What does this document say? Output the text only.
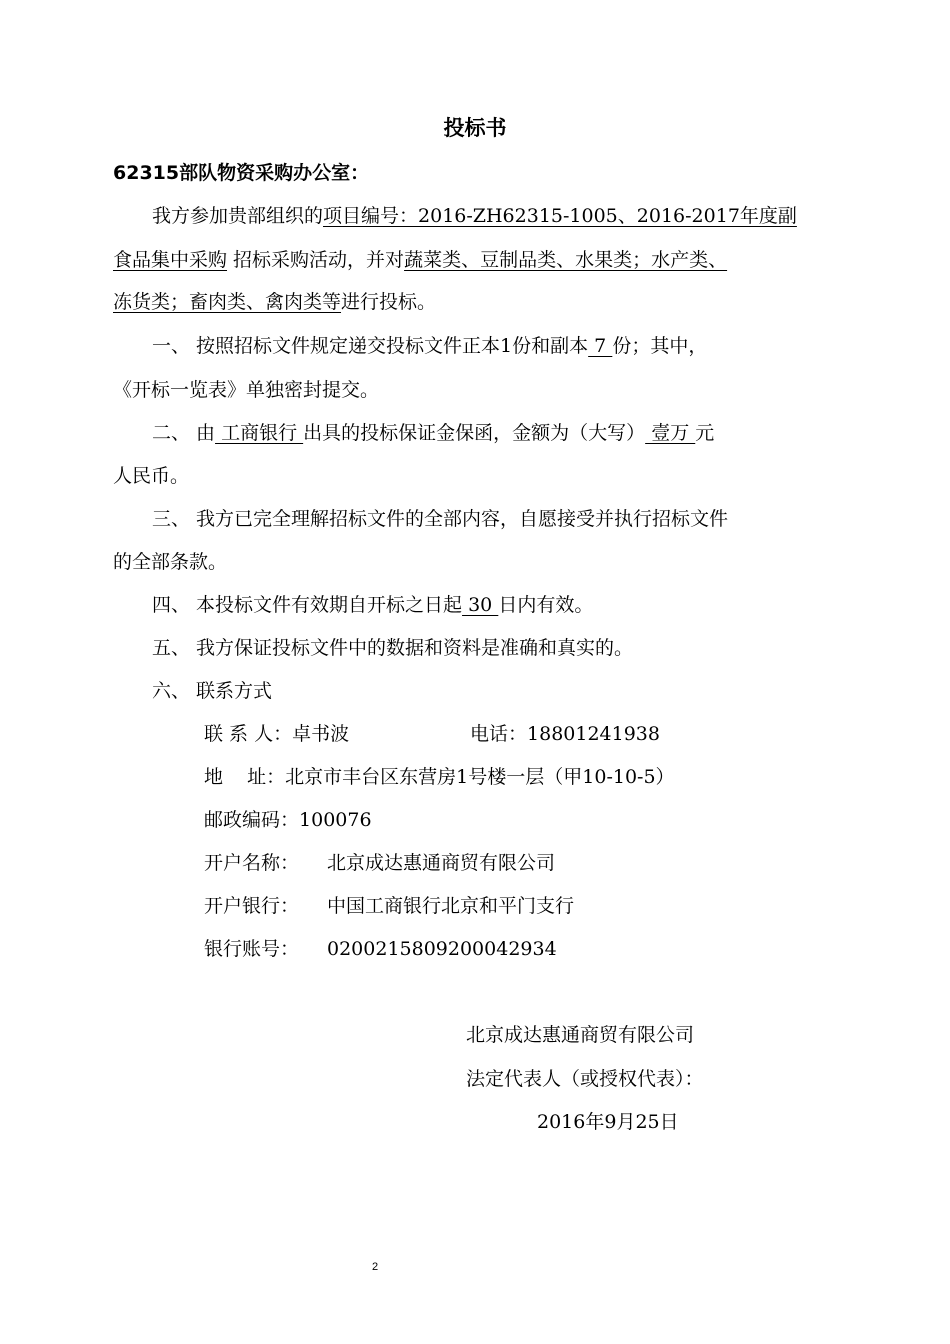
投标书
62315部队物资采购办公室：
我方参加贵部组织的项目编号：2016-ZH62315-1005、2016-2017年度副
食品集中采购 招标采购活动，并对蔬菜类、豆制品类、水果类；水产类、
冻货类；畜肉类、禽肉类等进行投标。
一、 按照招标文件规定递交投标文件正本1份和副本 7 份；其中，
《开标一览表》单独密封提交。
二、 由 工商银行 出具的投标保证金保函，金额为（大写） 壹万 元
人民币。
三、 我方已完全理解招标文件的全部内容，自愿接受并执行招标文件
的全部条款。
四、 本投标文件有效期自开标之日起 30 日内有效。
五、 我方保证投标文件中的数据和资料是准确和真实的。
六、 联系方式
联 系 人：卓书波	电话：18801241938
地    址：北京市丰台区东营房1号楼一层（甲10-10-5）
邮政编码：100076
开户名称： 北京成达惠通商贸有限公司
开户银行： 中国工商银行北京和平门支行
银行账号： 0200215809200042934
北京成达惠通商贸有限公司
法定代表人（或授权代表）：
2016年9月25日
2
